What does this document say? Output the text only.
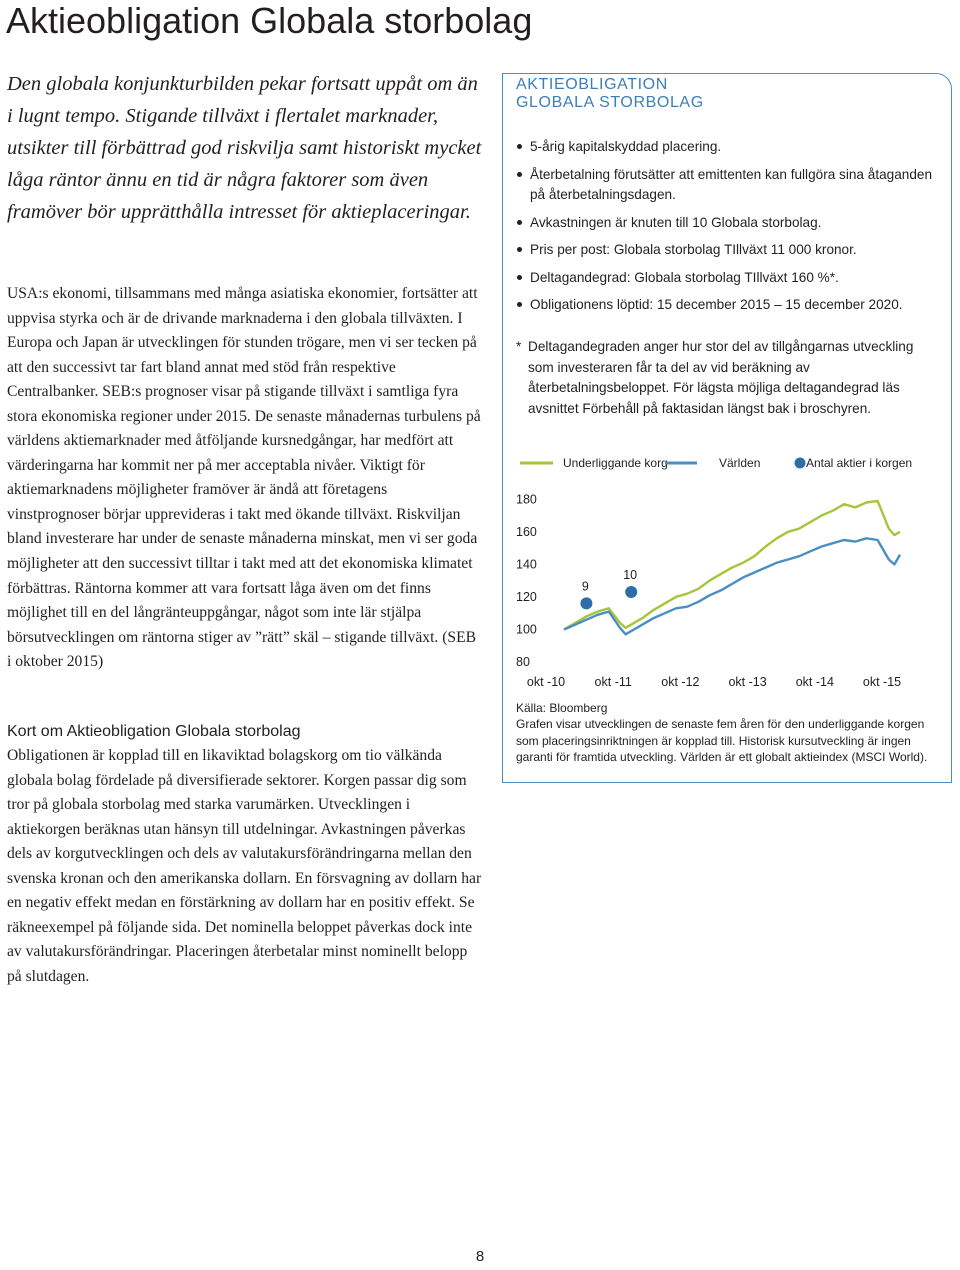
Aktieobligation Globala storbolag

Den globala konjunkturbilden pekar fortsatt uppåt om än i lugnt tempo. Stigande tillväxt i flertalet marknader, utsikter till förbättrad god riskvilja samt historiskt mycket låga räntor ännu en tid är några faktorer som även framöver bör upprätthålla intresset för aktieplaceringar.

USA:s ekonomi, tillsammans med många asiatiska ekonomier, fortsätter att uppvisa styrka och är de drivande marknaderna i den globala tillväxten. I Europa och Japan är utvecklingen för stunden trögare, men vi ser tecken på att den successivt tar fart bland annat med stöd från respektive Centralbanker. SEB:s prognoser visar på stigande tillväxt i samtliga fyra stora ekonomiska regioner under 2015. De senaste månadernas turbulens på världens aktiemarknader med åtföljande kursnedgångar, har medfört att värderingarna har kommit ner på mer acceptabla nivåer. Viktigt för aktiemarknadens möjligheter framöver är ändå att företagens vinstprognoser börjar upprevideras i takt med ökande tillväxt. Riskviljan bland investerare har under de senaste månaderna minskat, men vi ser goda möjligheter att den successivt tilltar i takt med att det ekonomiska klimatet förbättras. Räntorna kommer att vara fortsatt låga även om det finns möjlighet till en del långränteuppgångar, något som inte lär stjälpa börsutvecklingen om räntorna stiger av ”rätt” skäl – stigande tillväxt. (SEB i oktober 2015)

Kort om Aktieobligation Globala storbolag

Obligationen är kopplad till en likaviktad bolagskorg om tio välkända globala bolag fördelade på diversifierade sektorer. Korgen passar dig som tror på globala storbolag med starka varumärken. Utvecklingen i aktiekorgen beräknas utan hänsyn till utdelningar. Avkastningen påverkas dels av korgutvecklingen och dels av valutakursförändringarna mellan den svenska kronan och den amerikanska dollarn. En försvagning av dollarn har en negativ effekt medan en förstärkning av dollarn har en positiv effekt. Se räkneexempel på följande sida. Det nominella beloppet påverkas dock inte av valutakursförändringar. Placeringen återbetalar minst nominellt belopp på slutdagen.

AKTIEOBLIGATION
GLOBALA STORBOLAG
5-årig kapitalskyddad placering.
Återbetalning förutsätter att emittenten kan fullgöra sina åtaganden på återbetalningsdagen.
Avkastningen är knuten till 10 Globala storbolag.
Pris per post: Globala storbolag TIllväxt 11 000 kronor.
Deltagandegrad: Globala storbolag TIllväxt 160 %*.
Obligationens löptid: 15 december 2015 – 15 december 2020.

* Deltagandegraden anger hur stor del av tillgångarnas utveckling som investeraren får ta del av vid beräkning av återbetalningsbeloppet. För lägsta möjliga deltagandegrad läs avsnittet Förbehåll på faktasidan längst bak i broschyren.

Underliggande korg	Världen	Antal aktier i korgen
80
100
120
140
160
180
okt -10 okt -11 okt -12 okt -13 okt -14 okt -15
9
10

Källa: Bloomberg
Grafen visar utvecklingen de senaste fem åren för den underliggande korgen som placeringsinriktningen är kopplad till. Historisk kursutveckling är ingen garanti för framtida utveckling. Världen är ett globalt aktieindex (MSCI World).

8
